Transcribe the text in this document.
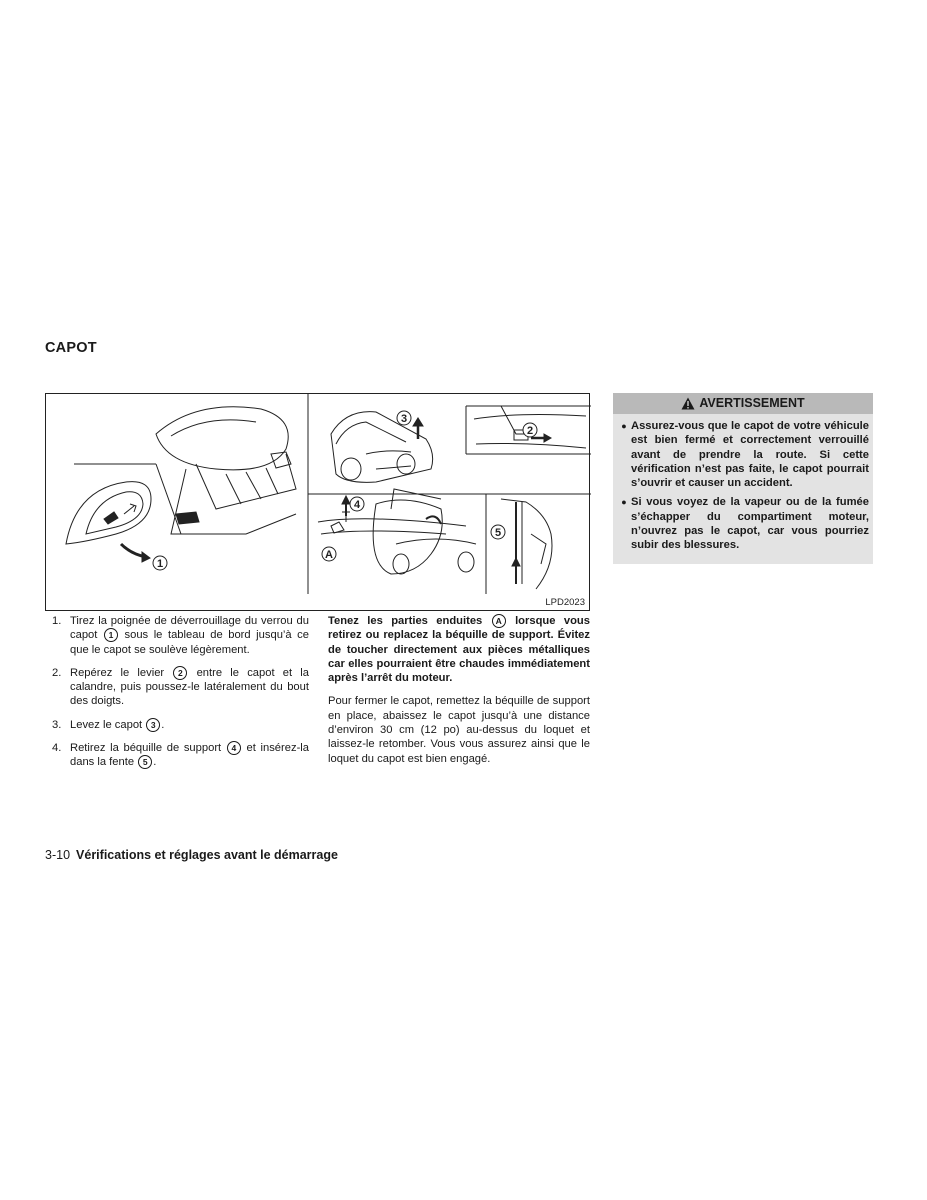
CAPOT
1
2
3
4
5
A
LPD2023
1. Tirez la poignée de déverrouillage du verrou du capot 1 sous le tableau de bord jusqu’à ce que le capot se soulève légèrement.
2. Repérez le levier 2 entre le capot et la calandre, puis poussez-le latéralement du bout des doigts.
3. Levez le capot 3 .
4. Retirez la béquille de support 4 et insérez-la dans la fente 5 .

Tenez les parties enduites A lorsque vous retirez ou replacez la béquille de support. Évitez de toucher directement aux pièces métalliques car elles pourraient être chaudes immédiatement après l’arrêt du moteur.

Pour fermer le capot, remettez la béquille de support en place, abaissez le capot jusqu’à une distance d’environ 30 cm (12 po) au-dessus du loquet et laissez-le retomber. Vous vous assurez ainsi que le loquet du capot est bien engagé.

AVERTISSEMENT
● Assurez-vous que le capot de votre véhicule est bien fermé et correctement verrouillé avant de prendre la route. Si cette vérification n’est pas faite, le capot pourrait s’ouvrir et causer un accident.
● Si vous voyez de la vapeur ou de la fumée s’échapper du compartiment moteur, n’ouvrez pas le capot, car vous pourriez subir des blessures.
3-10 Vérifications et réglages avant le démarrage
